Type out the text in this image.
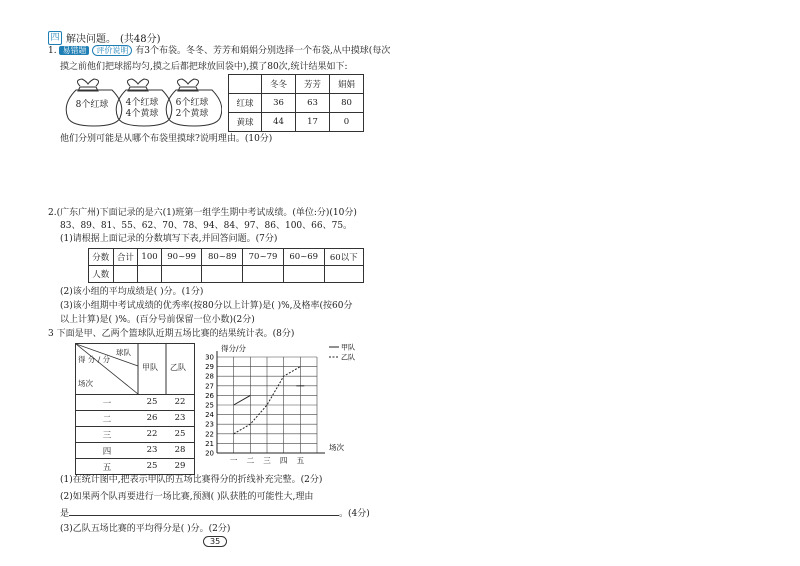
四 解决问题。 (共48分)
1. 易错题 评价说明 有3个布袋。冬冬、芳芳和娟娟分别选择一个布袋,从中摸球(每次
摸之前他们把球摇均匀,摸之后都把球放回袋中),摸了80次,统计结果如下:
8个红球	4个红球
4个黄球
6个红球
2个黄球
	冬冬	芳芳	娟娟
红球	36	63	80
黄球	44	17	0
他们分别可能是从哪个布袋里摸球?说明理由。(10分)
2.(广东广州)下面记录的是六(1)班第一组学生期中考试成绩。(单位:分)(10分)
83、89、81、55、62、70、78、94、84、97、86、100、66、75。
(1)请根据上面记录的分数填写下表,并回答问题。(7分)
分数	合计	100	90~99	80~89	70~79	60~69	60以下
人数							
(2)该小组的平均成绩是( )分。(1分)
(3)该小组期中考试成绩的优秀率(按80分以上计算)是( )%,及格率(按60分
以上计算)是( )%。(百分号前保留一位小数)(2分)
3 下面是甲、乙两个篮球队近期五场比赛的结果统计表。(8分)
球队
得 分 / 分
场次
甲队 乙队
一	25	22
二	26	23
三	22	25
四	23	28
五	25	29
20
21
22
23
24
25
26
27
28
29
30
得分/分
场次
一 二 三 四 五
甲队
乙队
(1)在统计图中,把表示甲队的五场比赛得分的折线补充完整。(2分)
(2)如果两个队再要进行一场比赛,预测( )队获胜的可能性大,理由
是	。(4分)
(3)乙队五场比赛的平均得分是( )分。(2分)
35
